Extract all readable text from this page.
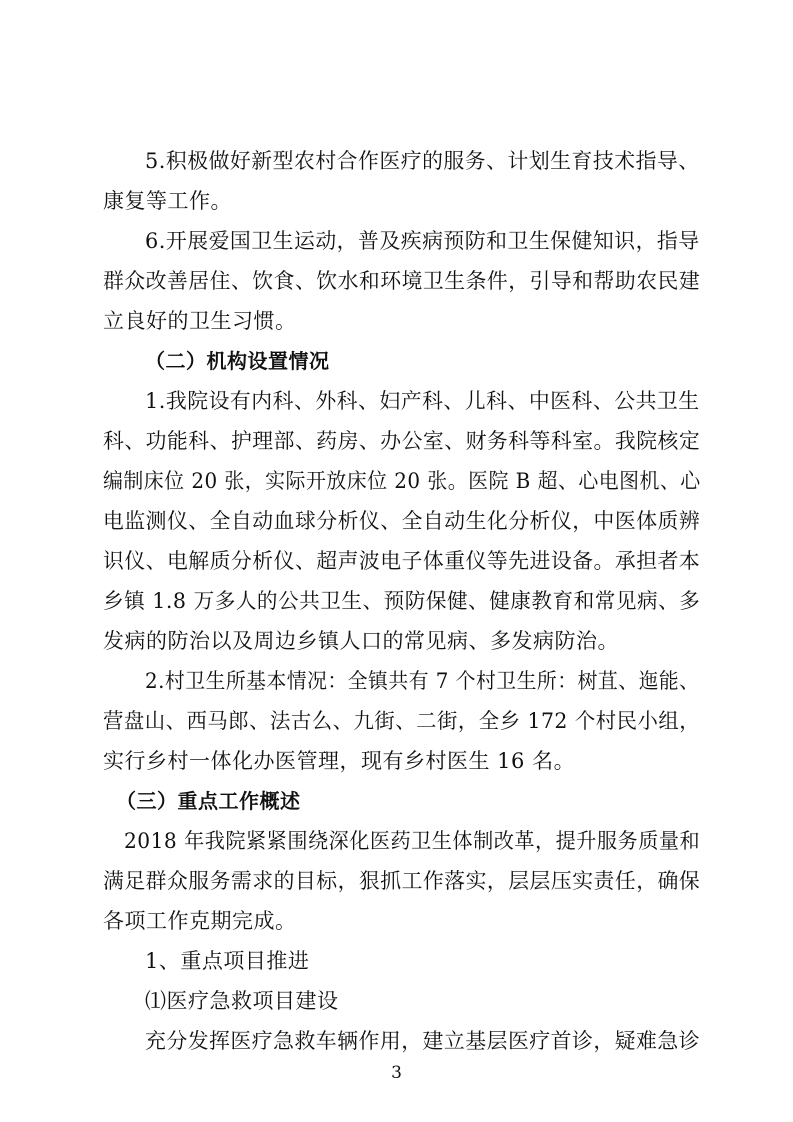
5.积极做好新型农村合作医疗的服务、计划生育技术指导、
康复等工作。
6.开展爱国卫生运动，普及疾病预防和卫生保健知识，指导
群众改善居住、饮食、饮水和环境卫生条件，引导和帮助农民建
立良好的卫生习惯。
（二）机构设置情况
1.我院设有内科、外科、妇产科、儿科、中医科、公共卫生
科、功能科、护理部、药房、办公室、财务科等科室。我院核定
编制床位 20 张，实际开放床位 20 张。医院 B 超、心电图机、心
电监测仪、全自动血球分析仪、全自动生化分析仪，中医体质辨
识仪、电解质分析仪、超声波电子体重仪等先进设备。承担者本
乡镇 1.8 万多人的公共卫生、预防保健、健康教育和常见病、多
发病的防治以及周边乡镇人口的常见病、多发病防治。
2.村卫生所基本情况：全镇共有 7 个村卫生所：树苴、迤能、
营盘山、西马郎、法古么、九街、二街，全乡 172 个村民小组，
实行乡村一体化办医管理，现有乡村医生 16 名。
（三）重点工作概述
2018 年我院紧紧围绕深化医药卫生体制改革，提升服务质量和
满足群众服务需求的目标，狠抓工作落实，层层压实责任，确保
各项工作克期完成。
1、重点项目推进
⑴医疗急救项目建设
充分发挥医疗急救车辆作用，建立基层医疗首诊，疑难急诊
3
